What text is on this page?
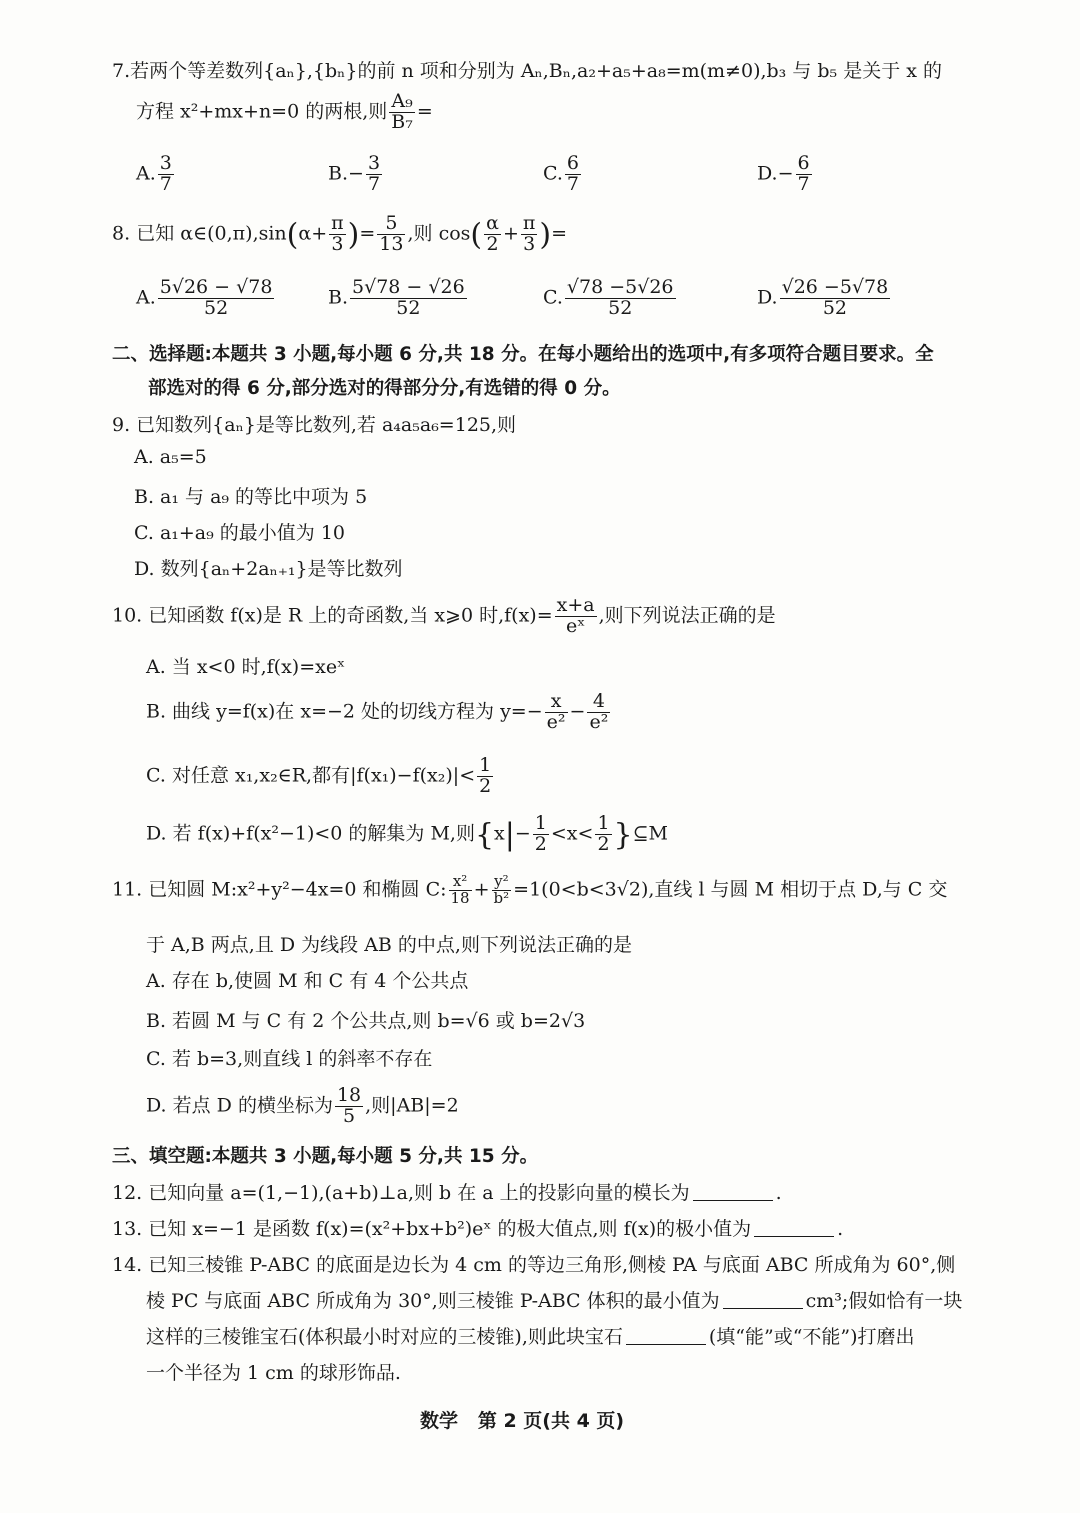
7.若两个等差数列{aₙ},{bₙ}的前 n 项和分别为 Aₙ,Bₙ,a₂+a₅+a₈=m(m≠0),b₃ 与 b₅ 是关于 x 的
方程 x²+mx+n=0 的两根,则 $\frac{\text{A₉}}{\text{B₇}}$ =
A. $\frac{3}{7}$	$B.- \frac{3}{7}$	C. $\frac{6}{7}$	$D.- \frac{6}{7}$
8. 已知 α∈(0,π),sin(α+ $\frac{\pi}{3}$ )= $\frac{5}{13}$ ,则 $\cos( \frac{\alpha}{2} + \frac{\pi}{3}$ )=
A. $\frac{5√26 - √78}{52}$	B. $\frac{5√78 - √26}{52}$	C. $\frac{√78 -5√26}{52}$	D. $\frac{√26 -5√78}{52}$
二、选择题:本题共 3 小题,每小题 6 分,共 18 分。在每小题给出的选项中,有多项符合题目要求。全
部选对的得 6 分,部分选对的得部分分,有选错的得 0 分。
9. 已知数列{aₙ}是等比数列,若 a₄a₅a₆=125,则
A. a₅=5
B. a₁ 与 a₉ 的等比中项为 5
C. a₁+a₉ 的最小值为 10
D. 数列{aₙ+2aₙ₊₁}是等比数列
10. 已知函数 f(x)是 R 上的奇函数,当 x⩾0 时$,f(x)= \frac{x+a}{\text{eˣ}}$ ,则下列说法正确的是
A. 当 x<0 时,f(x)=xeˣ
B. 曲线 y=f(x)在 x=−2 处的切线方程为 $y=- \frac{x}{\text{e²}} - \frac{4}{\text{e²}}$
C. 对任意 x₁,x₂∈R,都有$|f(x_1)-f(x_2)|< \frac{1}{2}$
D. 若 f(x)+f(x²−1)<0 的解集为 M,则{$x|- \frac{1}{2} <x< \frac{1}{2}$ }⊆M
11. 已知圆 M:x²+y²−4x=0 和椭圆 C: $\frac{\text{x²}}{18} + \frac{\text{y²}}{\text{b²}} =1(0<b<3√2)$,直线 l 与圆 M 相切于点 D,与 C 交
于 A,B 两点,且 D 为线段 AB 的中点,则下列说法正确的是
A. 存在 b,使圆 M 和 C 有 4 个公共点
B. 若圆 M 与 C 有 2 个公共点,则 b=√6 或 b=2√3
C. 若 b=3,则直线 l 的斜率不存在
D. 若点 D 的横坐标为 $\frac{18}{5}$ ,则|AB|=2
三、填空题:本题共 3 小题,每小题 5 分,共 15 分。
12. 已知向量 a=(1,−1),(a+b)⊥a,则 b 在 a 上的投影向量的模长为	.
13. 已知 x=−1 是函数 f(x)=(x²+bx+b²)eˣ 的极大值点,则 f(x)的极小值为	.
14. 已知三棱锥 P-ABC 的底面是边长为 4 cm 的等边三角形,侧棱 PA 与底面 ABC 所成角为 60°,侧
棱 PC 与底面 ABC 所成角为 30°,则三棱锥 P-ABC 体积的最小值为	cm³;假如恰有一块
这样的三棱锥宝石(体积最小时对应的三棱锥),则此块宝石	(填“能”或“不能”)打磨出
一个半径为 1 cm 的球形饰品.
数学   第 2 页(共 4 页)
